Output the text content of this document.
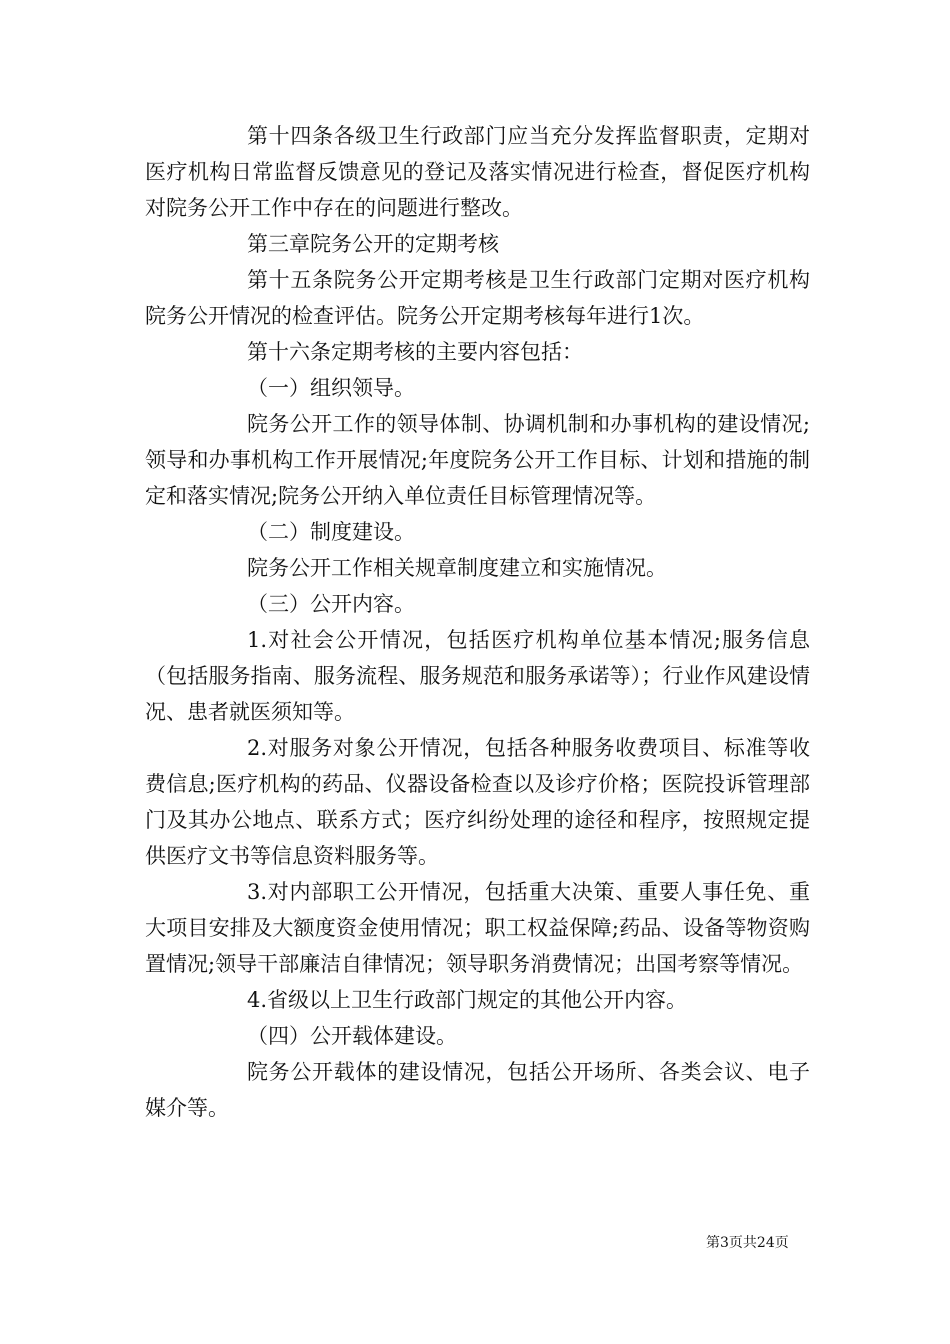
第十四条各级卫生行政部门应当充分发挥监督职责，定期对医疗机构日常监督反馈意见的登记及落实情况进行检查，督促医疗机构对院务公开工作中存在的问题进行整改。

第三章院务公开的定期考核

第十五条院务公开定期考核是卫生行政部门定期对医疗机构院务公开情况的检查评估。院务公开定期考核每年进行1次。

第十六条定期考核的主要内容包括：

（一）组织领导。

院务公开工作的领导体制、协调机制和办事机构的建设情况;领导和办事机构工作开展情况;年度院务公开工作目标、计划和措施的制定和落实情况;院务公开纳入单位责任目标管理情况等。

（二）制度建设。

院务公开工作相关规章制度建立和实施情况。

（三）公开内容。

1.对社会公开情况，包括医疗机构单位基本情况;服务信息（包括服务指南、服务流程、服务规范和服务承诺等）；行业作风建设情况、患者就医须知等。

2.对服务对象公开情况，包括各种服务收费项目、标准等收费信息;医疗机构的药品、仪器设备检查以及诊疗价格；医院投诉管理部门及其办公地点、联系方式；医疗纠纷处理的途径和程序，按照规定提供医疗文书等信息资料服务等。

3.对内部职工公开情况，包括重大决策、重要人事任免、重大项目安排及大额度资金使用情况；职工权益保障;药品、设备等物资购置情况;领导干部廉洁自律情况；领导职务消费情况；出国考察等情况。

4.省级以上卫生行政部门规定的其他公开内容。

（四）公开载体建设。

院务公开载体的建设情况，包括公开场所、各类会议、电子媒介等。

第3页共24页
